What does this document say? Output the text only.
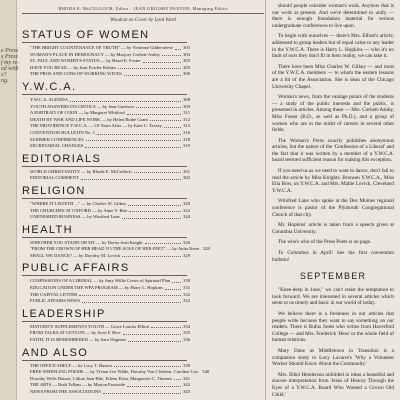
e Press
s Press
f my re-
ed with
s?
ng.
RHODA E. McCULLOCH, Editor · JEAN GRIGSBY PAXTON, Managing Editor
Woodcut on Cover by Lynd Ward
STATUS OF WOMEN
"THE BRIGHT COUNTENANCE OF TRUTH" — by Vivienne Gildersleeve 303
WOMAN'S PLACE IN DEMOCRACY — by Marjory Corbett-Ashby	304
ST. PAUL AND WOMEN'S STATUS — by Hazel E. Foster	305
HAVE YOU READ — by Jean Fowler Robins	305
THE PROS AND CONS OF WORKING WIVES	306
Y.W.C.A.
Y.W.C.A. AGENDA	308
YOUTH ANSWERS ITS CRITICS — by Jean Garrison	309
A PORTRAIT OF COON — by Margaret Whitford	311
DEATH BY WAR AND LIFE WORK — by Helen Ruthe Grant	312
THE PROVIDENCE Y.W.C.A. — Of Years After — by Kate C. Tavsey	313
CONVENTION BULLETIN No. 1	316
SUMMER CONFERENCES	318
SECRETARIAL CHANGES	319
EDITORIALS
WORLD CHRISTIANITY — by Rhoda E. McCulloch	301
EDITORIAL COMMENT	302
RELIGION
"WHERE IT LISTETH ..." — by Charles W. Gilkey	320
THE CHURCHES AT OXFORD — by Anne V. Brie	322
UNFINISHED BUSINESS — by Winifred Lane	324
HEALTH
WHETHER YOU STAND OR SIT — by Dorris Jean Knight	326
"FROM THE CROWN OF HER HEAD TO THE SOLE OF HER FEET" — by Anita Keen 328
SHALL WE DANCE? — by Dorothy M. Lovick	329
PUBLIC AFFAIRS
CONFESSIONS OF A LIBERAL — by Amy Willis Crews of Spiritual Plan	330
EDUCATION UNDER THE WPA PROGRAM — by Harry L. Hopkins	331
THE CAPITAL LETTER	332
PUBLIC AFFAIRS NEWS	332
LEADERSHIP
MATURITY SUPPLEMENTS YOUTH — Grace Loucks Elliott	334
FROM TALKS AT CEYLON — by Aron F. Rice	335
FAITH, IT IS REMEMBERED — by Sara Wagener	336
AND ALSO
THE OFFICE SHELF — by Lucy T. Burton	338
FREE-WHEELING POEMS — by Vivian Lee Wilde, Dorothy Von Cleidern, Caroline Cox 340
Dorothy Wells Butnot, Lillian Jean Hite, Eileen Eliza, Marguerite C. Thomas 341
THE ARTS — Ruth Tellam — by Marion Frostside	342
NEWS FROM THE ASSOCIATIONS	343

should people consider woman's work. Anyhow that is our work at present. And we're determined to unify — there is enough foundation material for serious undergraduate conferences to live upon.

To begin with ourselves — there's Mrs. Elliott's article, addressed to group leaders but of equal value to any leader in the Y.W.C.A. There is Harry L. Hopkins — who it's no fault of ours they don't fit in their reality, we can take it.

There have been Miss Charles W. Gilkey — and most of the Y.W.C.A. members — to whom the eastern lessons are a bit of the Association. She is dean of the Chicago University Chapel.

Woman's news, from the vantage points of the students — a study of the public interests and the public, is presented in articles. Among these — Mrs. Corbett-Ashby, Miss Foster (B.D., as well as Ph.D.), and a group of women who are in the midst of careers in several other fields.

The Woman's Press exactly publishes anonymous articles, but the nature of the 'Confession of a Liberal' and the fact that it was written by a member of a Y.W.C.A. board seemed sufficient reason for making this exception.

If you need us as we need to want to dance, don't fail to read the article by Miss Knights. Bronson Y.W.C.A., Miss Ella Bow, on Y.W.C.A. and Mrs. Mable Lovick, Cleveland Y.W.C.A.

Winifred Lane who spoke at the Des Moines regional conference is pastor of the Plymouth Congregational Church of that city.

Mr. Hopkins' article is taken from a speech given at Columbia University.

The who's who of the Press Poets is on page.

To Columbus in April! See the first convention bulletin!

SEPTEMBER

"Knee-deep in June," we can't resist the temptation to look forward. We are interested in several articles which seem to us timely and basic in our world of today.

We believe there is a freshness in our articles that people write because they want to say something on our readers. There is Rufus Jones who writes from Haverford College — and Mrs. Frederick 'Hess' or the whole field of human relations.

Mary Dane as Middletown in Transition is a companion study to Lucy Lavarre's 'Why a Volunteer Worker Should Know About the Community.'

Mrs. Ethel Henderson unfolded in ideas a beautiful and sincere interpretation from 'Jesus of History Through the Eyes of a Y.W.C.A. Board Who Wanted a Grown Old Child.'
